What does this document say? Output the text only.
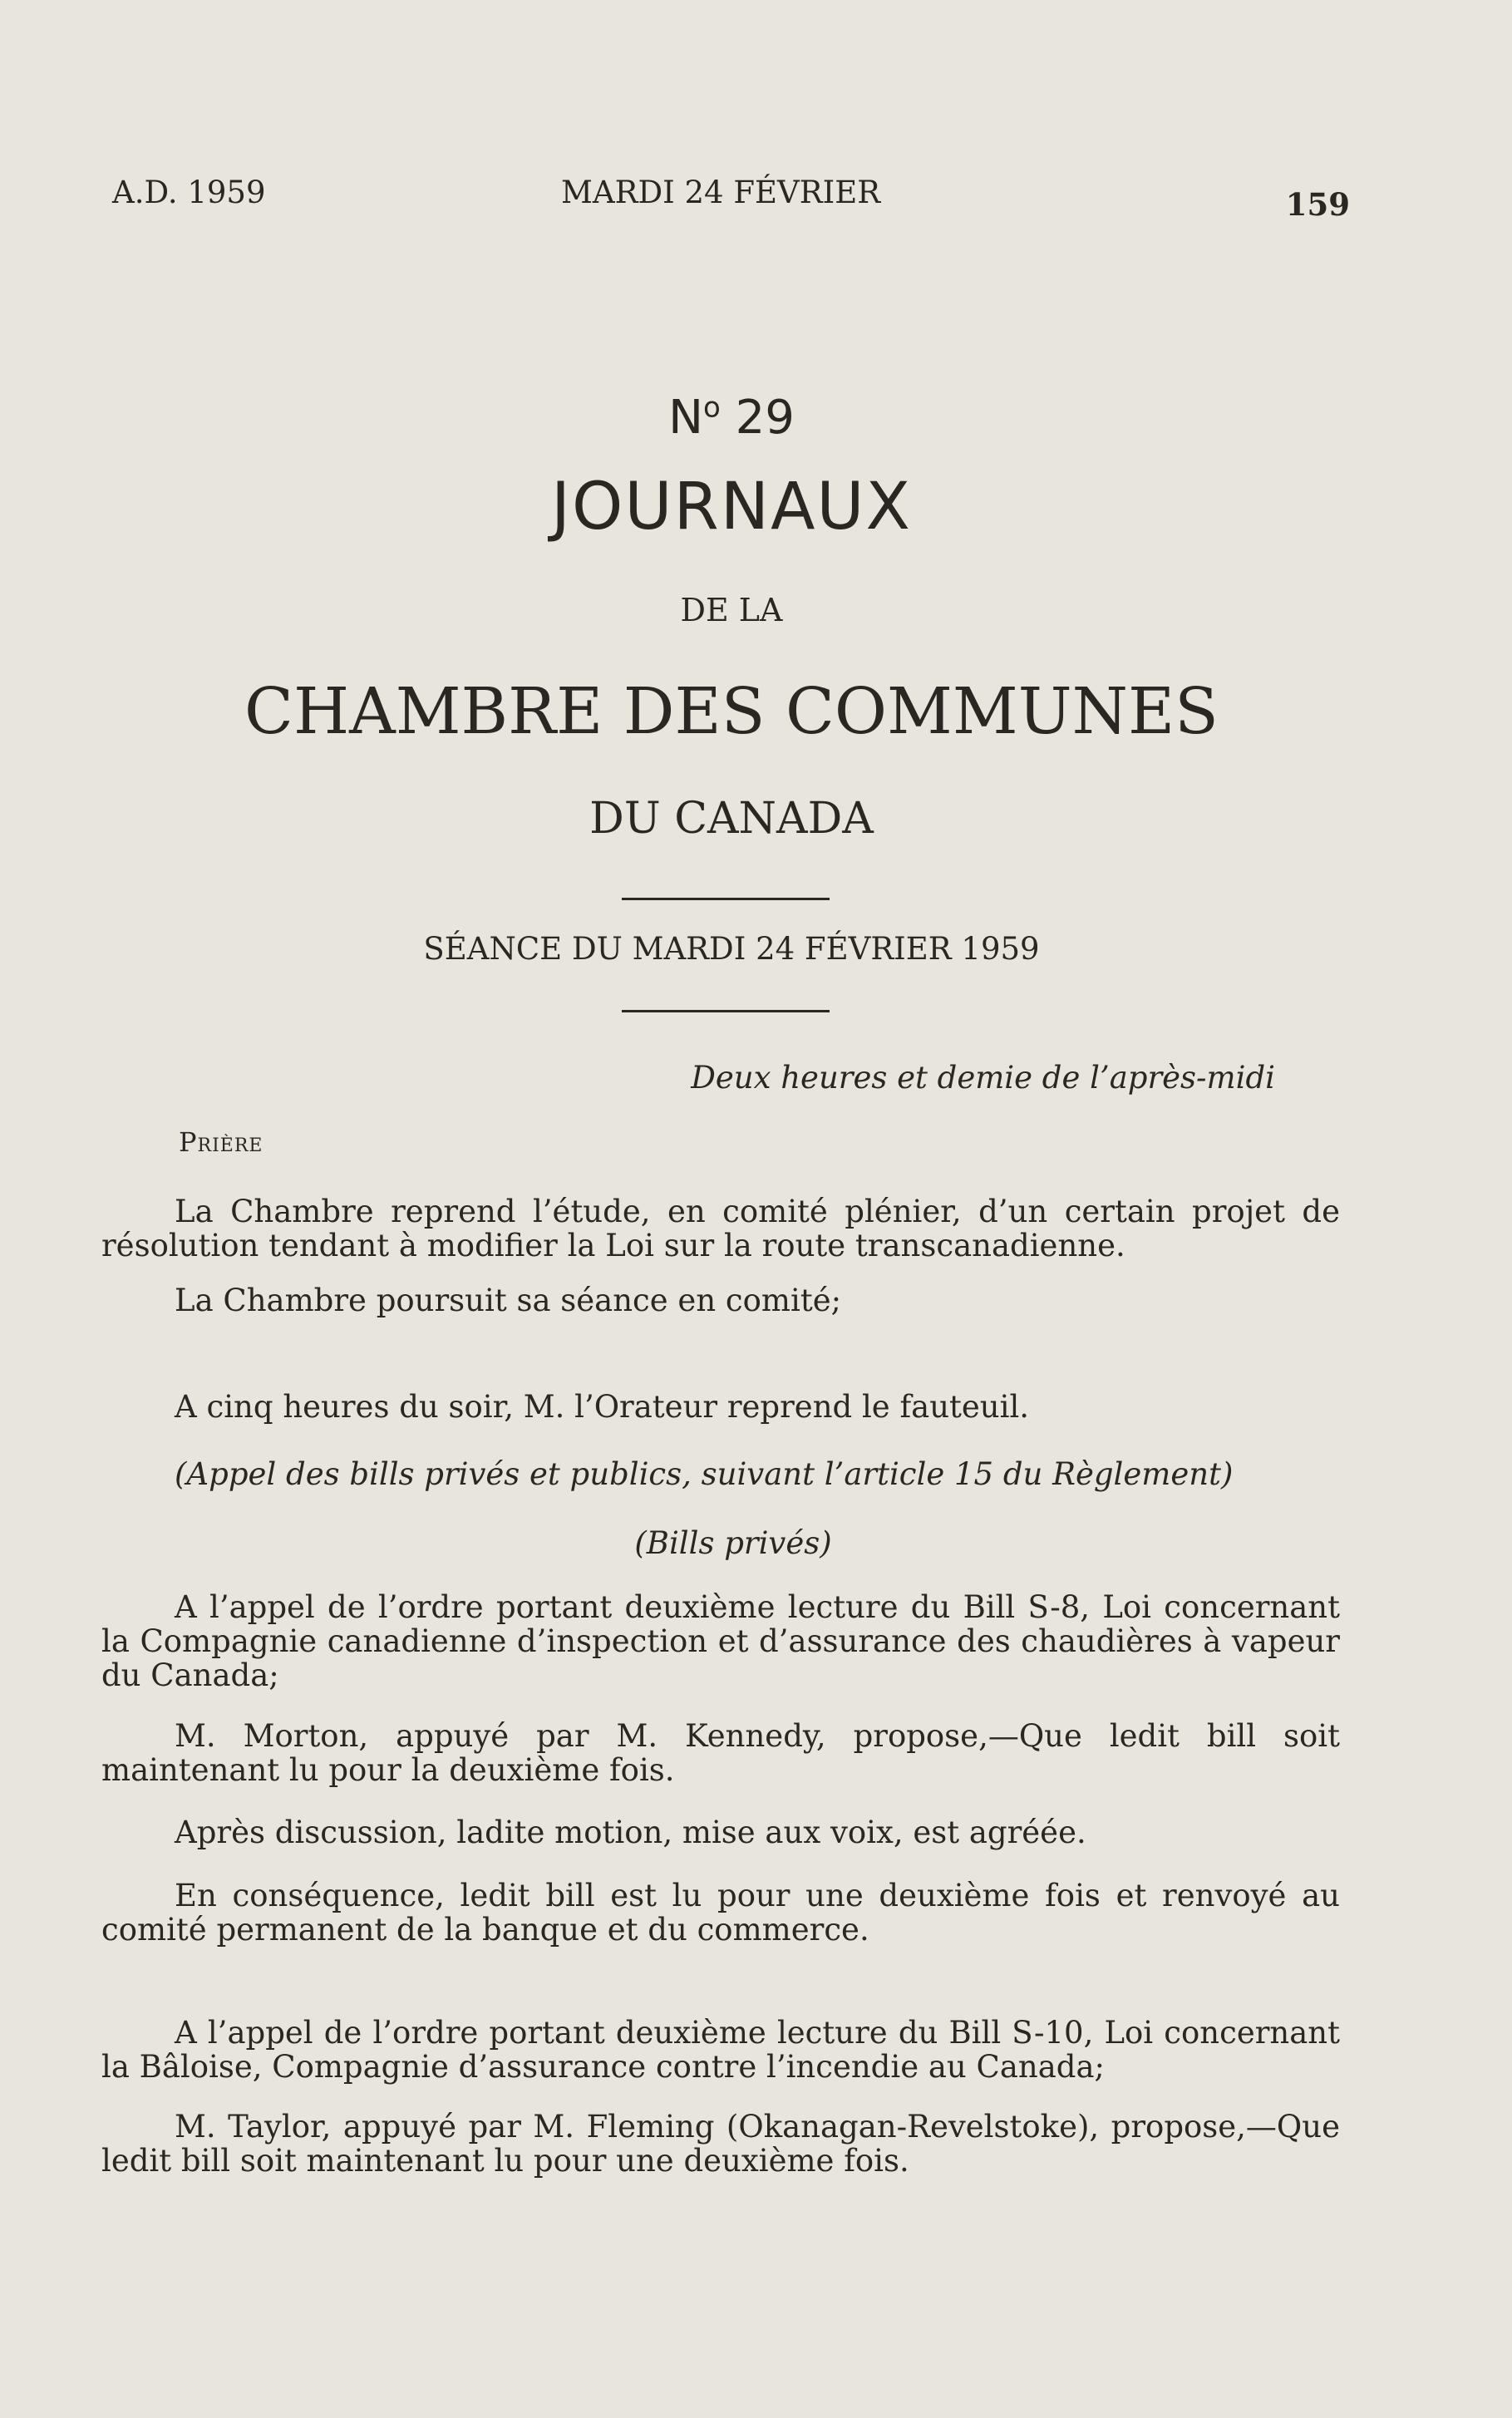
A.D. 1959	MARDI 24 FÉVRIER	159
$N^o$ 29
JOURNAUX
DE LA
CHAMBRE DES COMMUNES
DU CANADA
SÉANCE DU MARDI 24 FÉVRIER 1959
Deux heures et demie de l’après-midi
Prière
La Chambre reprend l’étude, en comité plénier, d’un certain projet de résolution tendant à modifier la Loi sur la route transcanadienne.
La Chambre poursuit sa séance en comité;
A cinq heures du soir, M. l’Orateur reprend le fauteuil.
(Appel des bills privés et publics, suivant l’article 15 du Règlement)
(Bills privés)
A l’appel de l’ordre portant deuxième lecture du Bill S-8, Loi concernant la Compagnie canadienne d’inspection et d’assurance des chaudières à vapeur du Canada;
M. Morton, appuyé par M. Kennedy, propose,—Que ledit bill soit maintenant lu pour la deuxième fois.
Après discussion, ladite motion, mise aux voix, est agréée.
En conséquence, ledit bill est lu pour une deuxième fois et renvoyé au comité permanent de la banque et du commerce.
A l’appel de l’ordre portant deuxième lecture du Bill S-10, Loi concernant la Bâloise, Compagnie d’assurance contre l’incendie au Canada;
M. Taylor, appuyé par M. Fleming (Okanagan-Revelstoke), propose,—Que ledit bill soit maintenant lu pour une deuxième fois.
